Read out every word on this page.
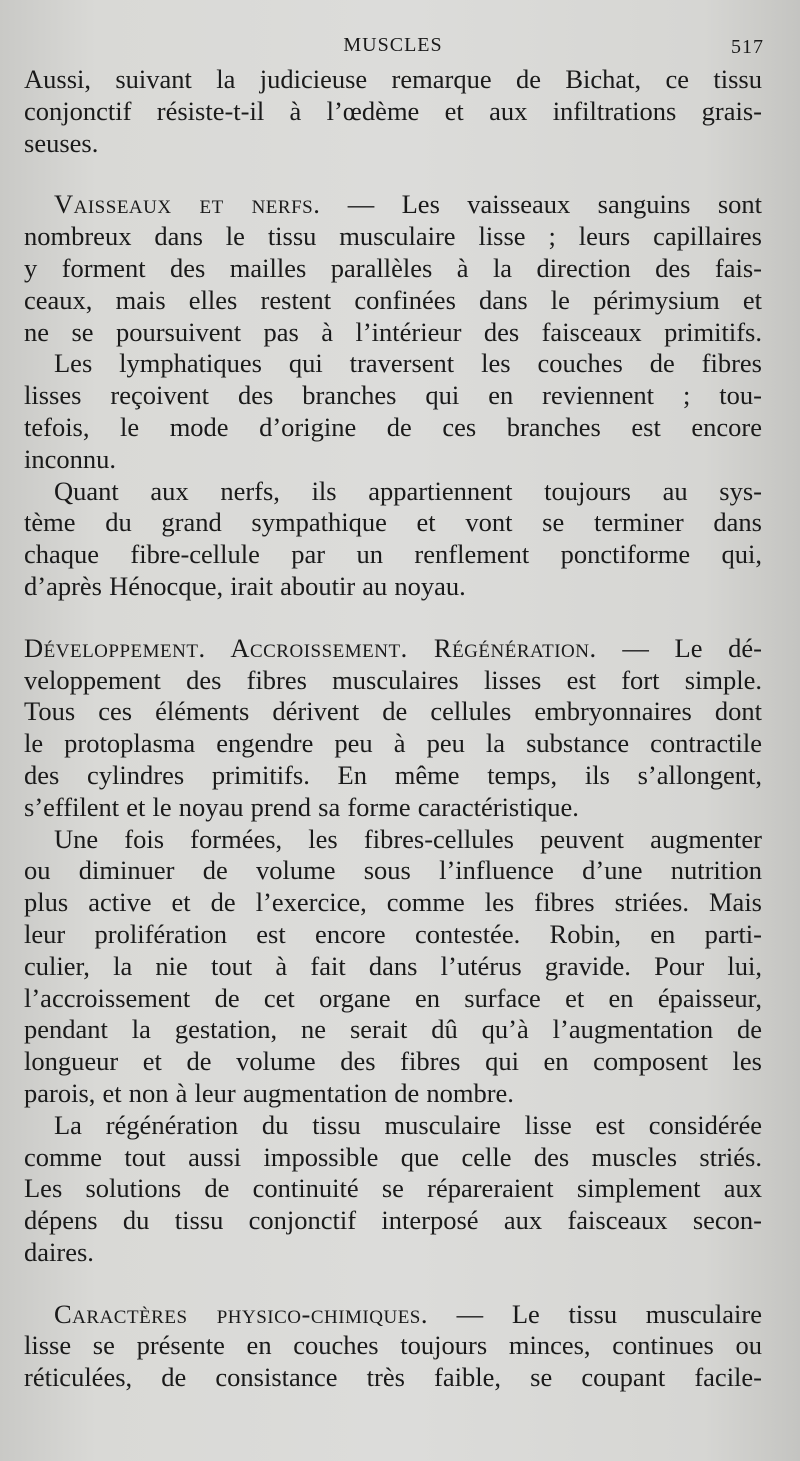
MUSCLES	517
Aussi, suivant la judicieuse remarque de Bichat, ce tissu
conjonctif résiste-t-il à l’œdème et aux infiltrations grais-
seuses.
Vaisseaux et nerfs. — Les vaisseaux sanguins sont
nombreux dans le tissu musculaire lisse ; leurs capillaires
y forment des mailles parallèles à la direction des fais-
ceaux, mais elles restent confinées dans le périmysium et
ne se poursuivent pas à l’intérieur des faisceaux primitifs.
Les lymphatiques qui traversent les couches de fibres
lisses reçoivent des branches qui en reviennent ; tou-
tefois, le mode d’origine de ces branches est encore
inconnu.
Quant aux nerfs, ils appartiennent toujours au sys-
tème du grand sympathique et vont se terminer dans
chaque fibre-cellule par un renflement ponctiforme qui,
d’après Hénocque, irait aboutir au noyau.
Développement. Accroissement. Régénération. — Le dé-
veloppement des fibres musculaires lisses est fort simple.
Tous ces éléments dérivent de cellules embryonnaires dont
le protoplasma engendre peu à peu la substance contractile
des cylindres primitifs. En même temps, ils s’allongent,
s’effilent et le noyau prend sa forme caractéristique.
Une fois formées, les fibres-cellules peuvent augmenter
ou diminuer de volume sous l’influence d’une nutrition
plus active et de l’exercice, comme les fibres striées. Mais
leur prolifération est encore contestée. Robin, en parti-
culier, la nie tout à fait dans l’utérus gravide. Pour lui,
l’accroissement de cet organe en surface et en épaisseur,
pendant la gestation, ne serait dû qu’à l’augmentation de
longueur et de volume des fibres qui en composent les
parois, et non à leur augmentation de nombre.
La régénération du tissu musculaire lisse est considérée
comme tout aussi impossible que celle des muscles striés.
Les solutions de continuité se répareraient simplement aux
dépens du tissu conjonctif interposé aux faisceaux secon-
daires.
Caractères physico-chimiques. — Le tissu musculaire
lisse se présente en couches toujours minces, continues ou
réticulées, de consistance très faible, se coupant facile-
